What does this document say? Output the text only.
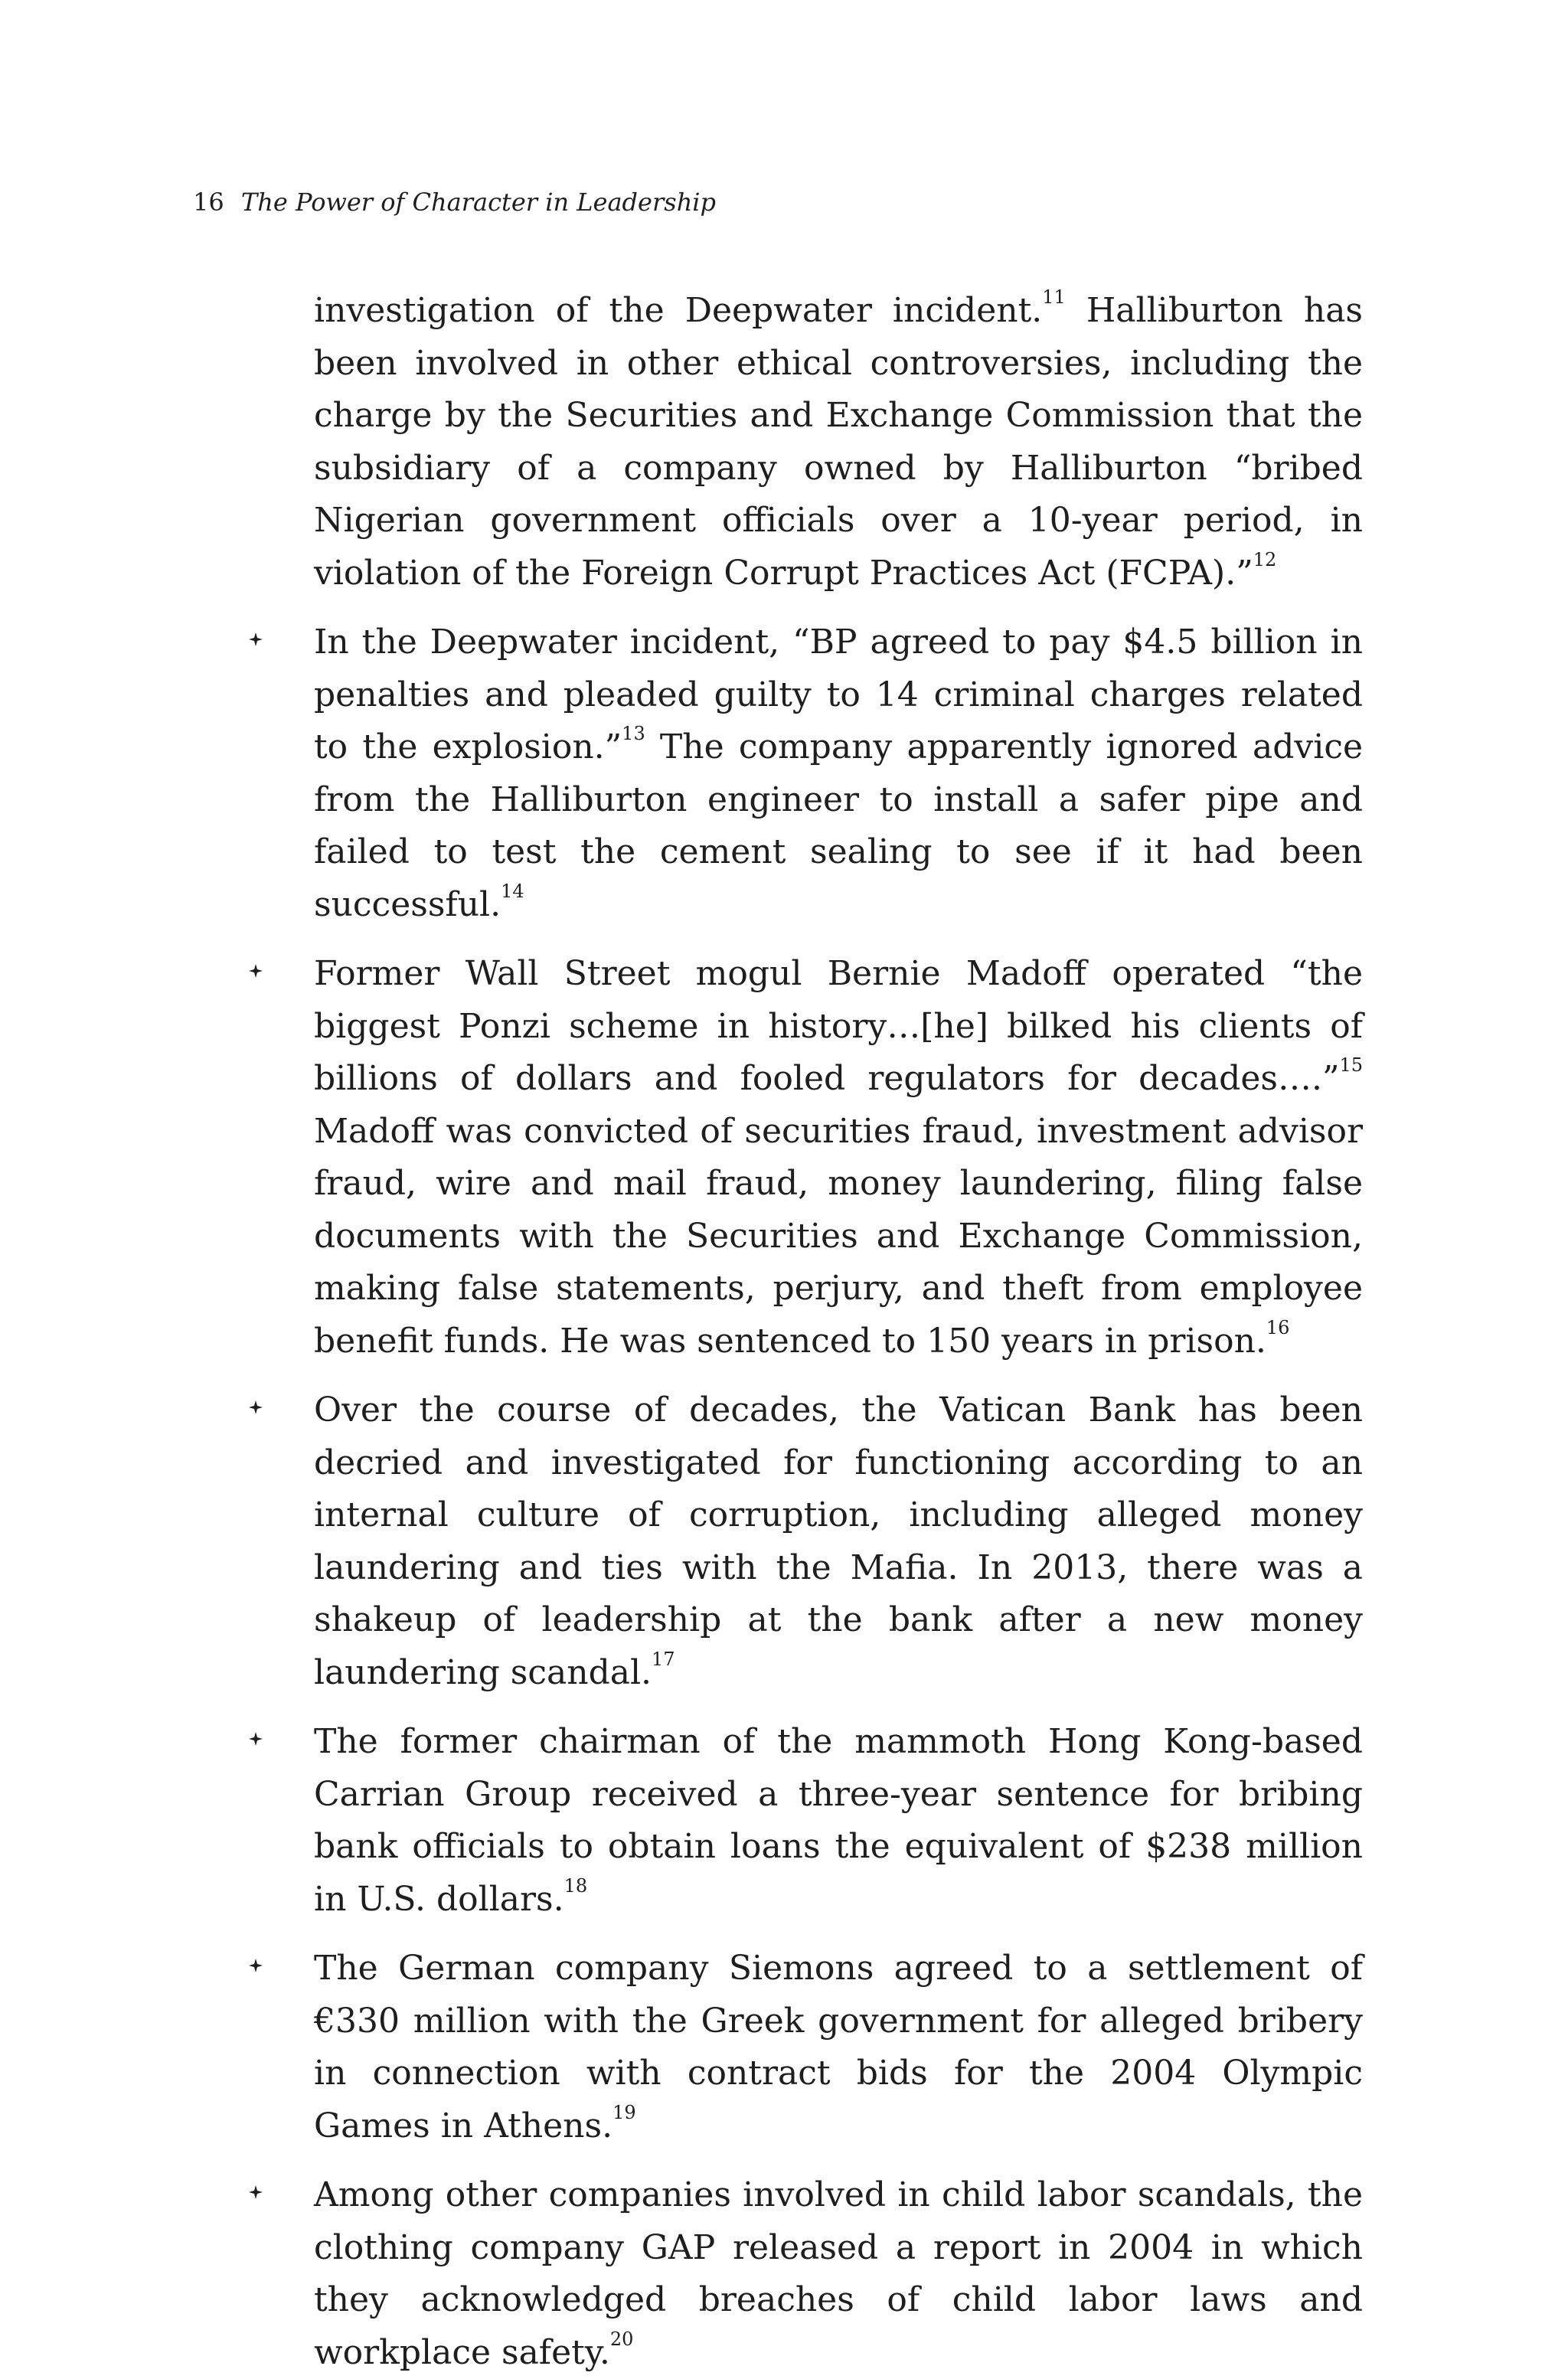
16 The Power of Character in Leadership

investigation of the Deepwater incident.$^{11}$ Halliburton has been involved in other ethical controversies, including the charge by the Securities and Exchange Commission that the subsidiary of a company owned by Halliburton “bribed Nigerian government officials over a 10-year period, in violation of the Foreign Corrupt Practices Act (FCPA).”$^{12}$

In the Deepwater incident, “BP agreed to pay $4.5 billion in penalties and pleaded guilty to 14 criminal charges related to the explosion.”$^{13}$ The company apparently ignored advice from the Halliburton engineer to install a safer pipe and failed to test the cement sealing to see if it had been successful.$^{14}$

Former Wall Street mogul Bernie Madoff operated “the biggest Ponzi scheme in history…[he] bilked his clients of billions of dollars and fooled regulators for decades….”$^{15}$ Madoff was convicted of securities fraud, investment advisor fraud, wire and mail fraud, money laundering, filing false documents with the Securities and Exchange Commission, making false statements, perjury, and theft from employee benefit funds. He was sentenced to 150 years in prison.$^{16}$

Over the course of decades, the Vatican Bank has been decried and investigated for functioning according to an internal culture of corruption, including alleged money laundering and ties with the Mafia. In 2013, there was a shakeup of leadership at the bank after a new money laundering scandal.$^{17}$

The former chairman of the mammoth Hong Kong-based Carrian Group received a three-year sentence for bribing bank officials to obtain loans the equivalent of $238 million in U.S. dollars.$^{18}$

The German company Siemons agreed to a settlement of €330 million with the Greek government for alleged bribery in connection with contract bids for the 2004 Olympic Games in Athens.$^{19}$

Among other companies involved in child labor scandals, the clothing company GAP released a report in 2004 in which they acknowledged breaches of child labor laws and workplace safety.$^{20}$
